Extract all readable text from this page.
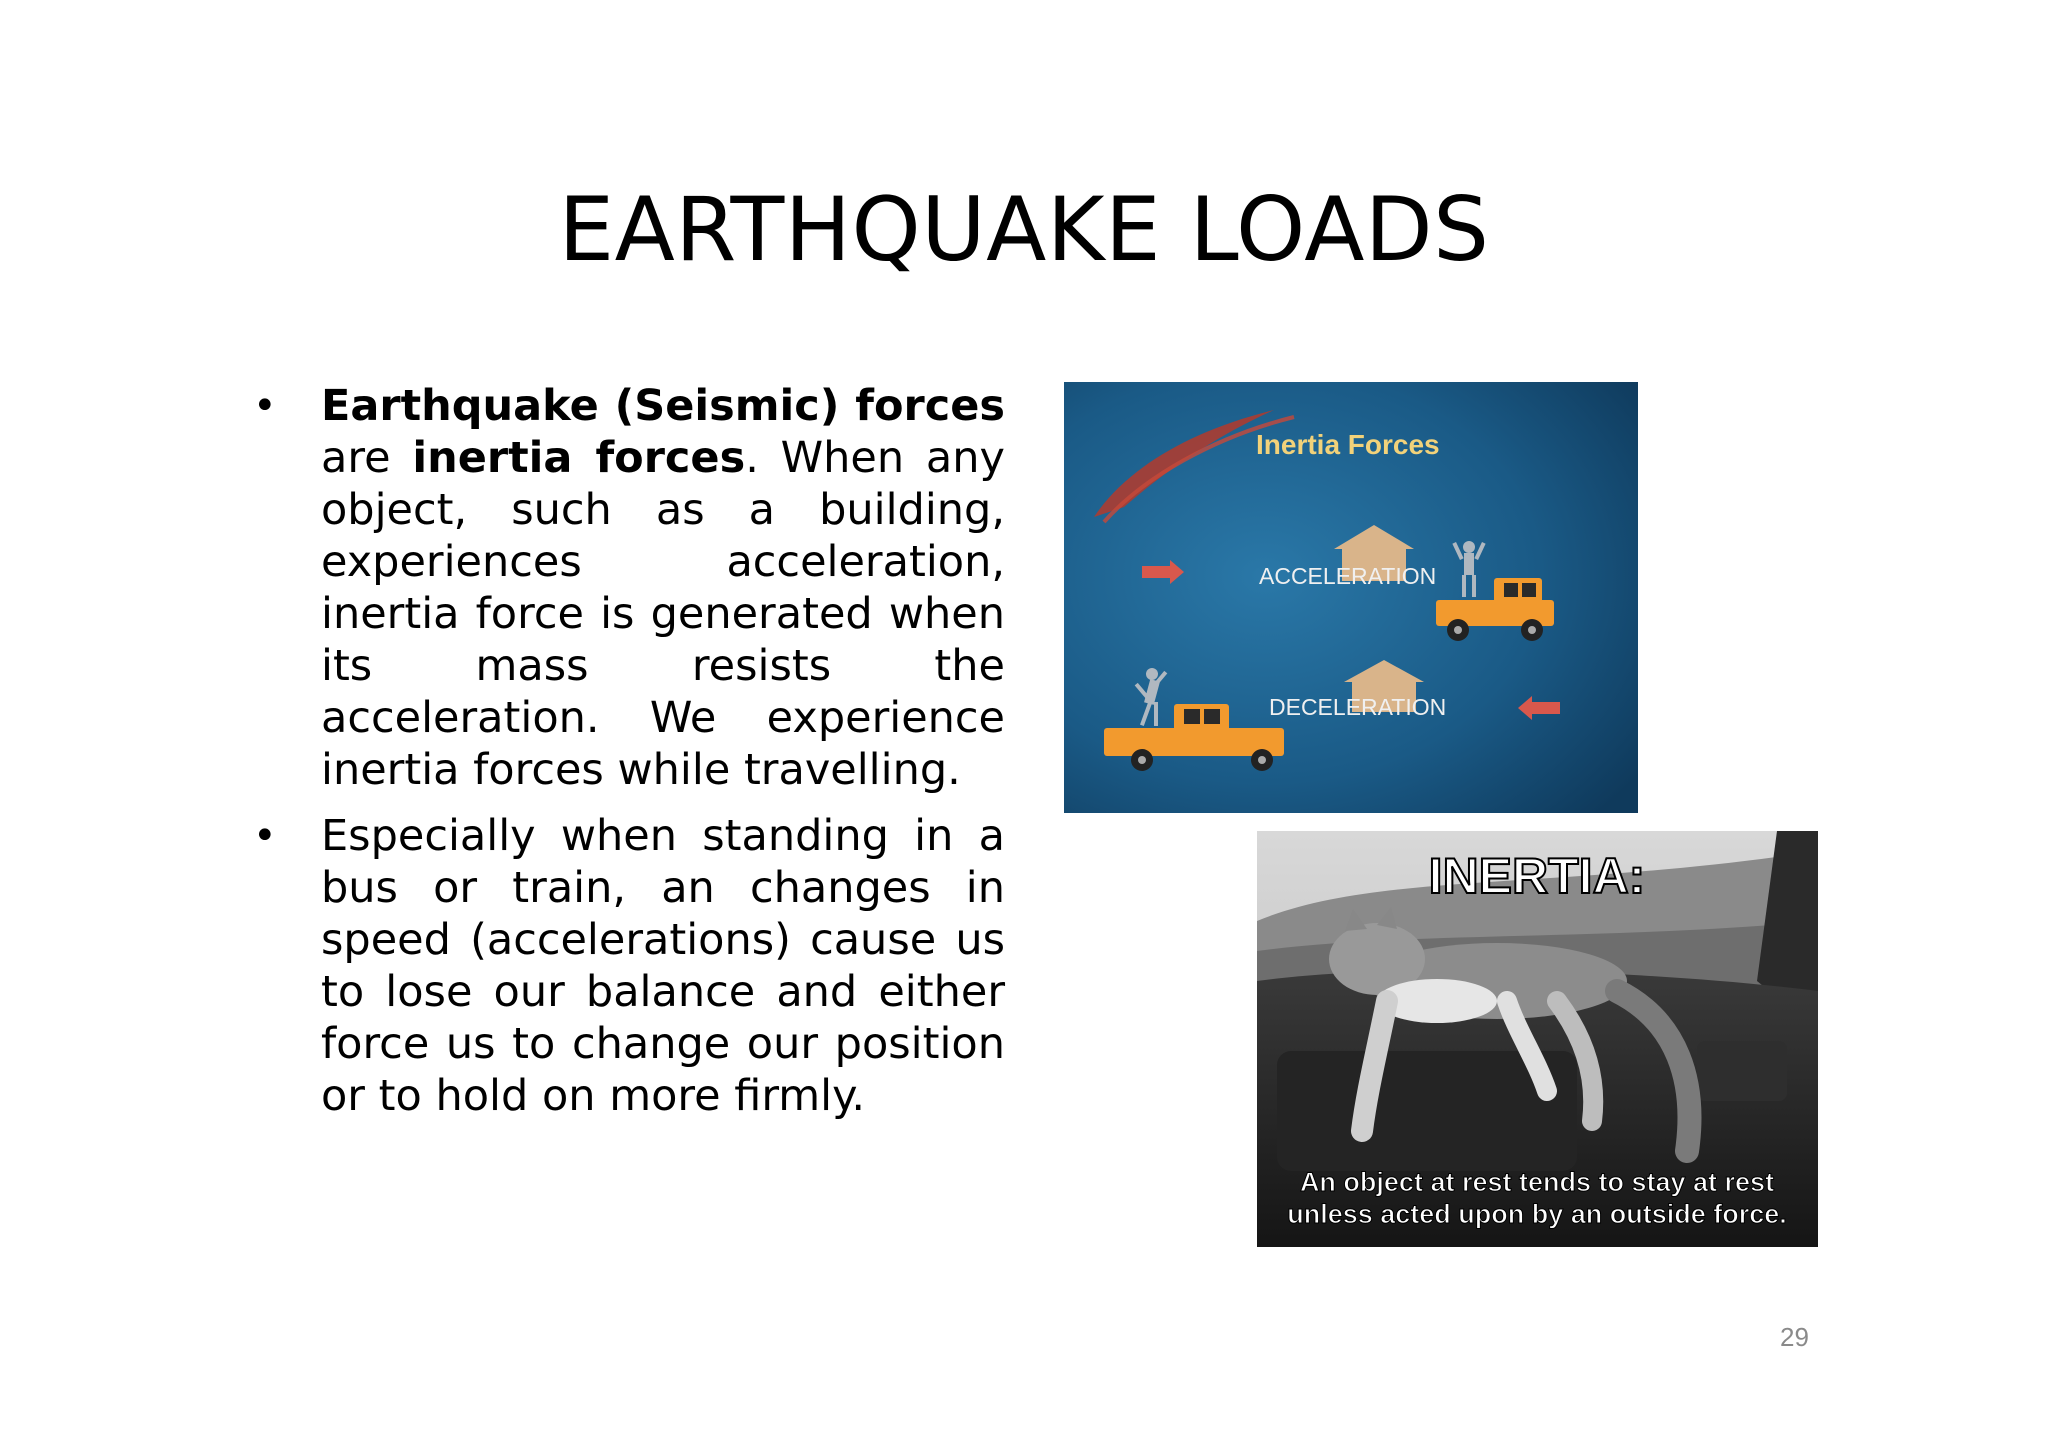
EARTHQUAKE LOADS
• Earthquake (Seismic) forces are inertia forces. When any object, such as a building, experiences acceleration, inertia force is generated when its mass resists the acceleration. We experience inertia forces while travelling.
• Especially when standing in a bus or train, an changes in speed (accelerations) cause us to lose our balance and either force us to change our position or to hold on more firmly.
Inertia Forces
ACCELERATION
DECELERATION
INERTIA:
An object at rest tends to stay at rest
unless acted upon by an outside force.
29
